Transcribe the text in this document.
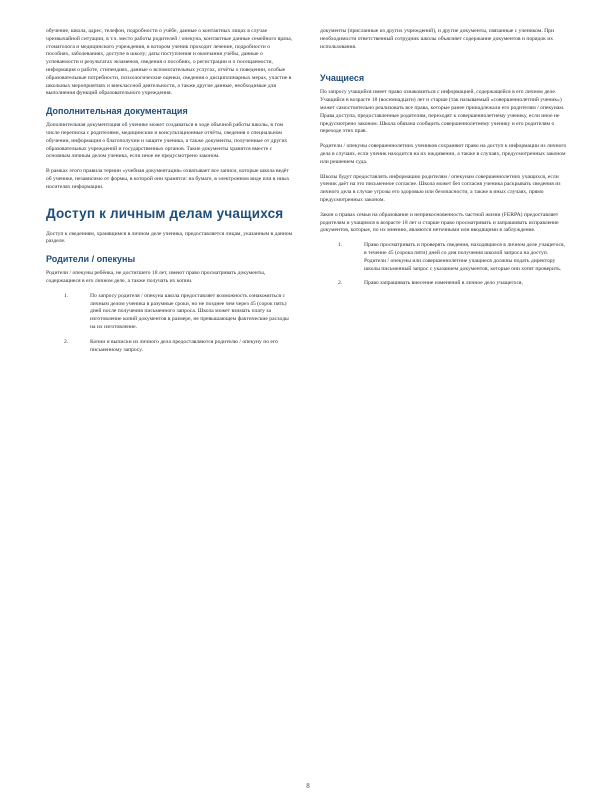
обучение, школа, адрес, телефон, подробности о учёбе, данные о контактных лицах в случае чрезвычайной ситуации, в т.ч. место работы родителей / опекуна, контактные данные семейного врача, стоматолога и медицинского учреждения, в котором ученик проходит лечение, подробности о пособиях, заболеваниях, доступе в школу; даты поступления и окончания учёбы, данные о успеваемости и результатах экзаменов, сведения о пособиях, о регистрации и о посещаемости, информация о работе, стипендиях, данные о вспомогательных услугах, отчёты о поведении, особые образовательные потребности, психологические оценки, сведения о дисциплинарных мерах, участие в школьных мероприятиях и внеклассной деятельности, а также другие данные, необходимые для выполнения функций образовательного учреждения.

Дополнительная документация

Дополнительная документация об ученике может создаваться в ходе обычной работы школы, в том числе переписка с родителями, медицинские и консультационные отчёты, сведения о специальном обучении, информация о благополучии и защите ученика, а также документы, полученные от других образовательных учреждений и государственных органов. Такие документы хранятся вместе с основным личным делом ученика, если иное не предусмотрено законом.

В рамках этого правила термин «учебная документация» охватывает все записи, которые школа ведёт об ученике, независимо от формы, в которой они хранятся: на бумаге, в электронном виде или в иных носителях информации.

Доступ к личным делам учащихся

Доступ к сведениям, хранящимся в личном деле ученика, предоставляется лицам, указанным в данном разделе.

Родители / опекуны

Родители / опекуны ребёнка, не достигшего 18 лет, имеют право просматривать документы, содержащиеся в его личном деле, а также получать их копии.

1.	По запросу родителя / опекуна школа предоставляет возможность ознакомиться с личным делом ученика в разумные сроки, но не позднее чем через 45 (сорок пять) дней после получения письменного запроса. Школа может взимать плату за изготовление копий документов в размере, не превышающем фактические расходы на их изготовление.
2.	Копии и выписки из личного дела предоставляются родителю / опекуну по его письменному запросу.

документы (присланные из других учреждений), и другие документы, связанные с учеником. При необходимости ответственный сотрудник школы объясняет содержание документов и порядок их использования.

Учащиеся

По запросу учащийся имеет право ознакомиться с информацией, содержащейся в его личном деле. Учащийся в возрасте 18 (восемнадцати) лет и старше (так называемый «совершеннолетний ученик») может самостоятельно реализовать все права, которые ранее принадлежали его родителям / опекунам. Права доступа, предоставленные родителям, переходят к совершеннолетнему ученику, если иное не предусмотрено законом. Школа обязана сообщить совершеннолетнему ученику и его родителям о переходе этих прав.

Родители / опекуны совершеннолетних учеников сохраняют право на доступ к информации из личного дела в случаях, если ученик находится на их иждивении, а также в случаях, предусмотренных законом или решением суда.

Школы будут предоставлять информацию родителям / опекунам совершеннолетних учащихся, если ученик даёт на это письменное согласие. Школа может без согласия ученика раскрывать сведения из личного дела в случае угрозы его здоровью или безопасности, а также в иных случаях, прямо предусмотренных законом.

Закон о правах семьи на образование и неприкосновенность частной жизни (FERPA) предоставляет родителям и учащимся в возрасте 18 лет и старше право просматривать и запрашивать исправление документов, которые, по их мнению, являются неточными или вводящими в заблуждение.

1.	Право просматривать и проверять сведения, находящиеся в личном деле учащегося, в течение 45 (сорока пяти) дней со дня получения школой запроса на доступ. Родители / опекуны или совершеннолетние учащиеся должны подать директору школы письменный запрос с указанием документов, которые они хотят проверить.
2.	Право запрашивать внесение изменений в личное дело учащегося,
8
